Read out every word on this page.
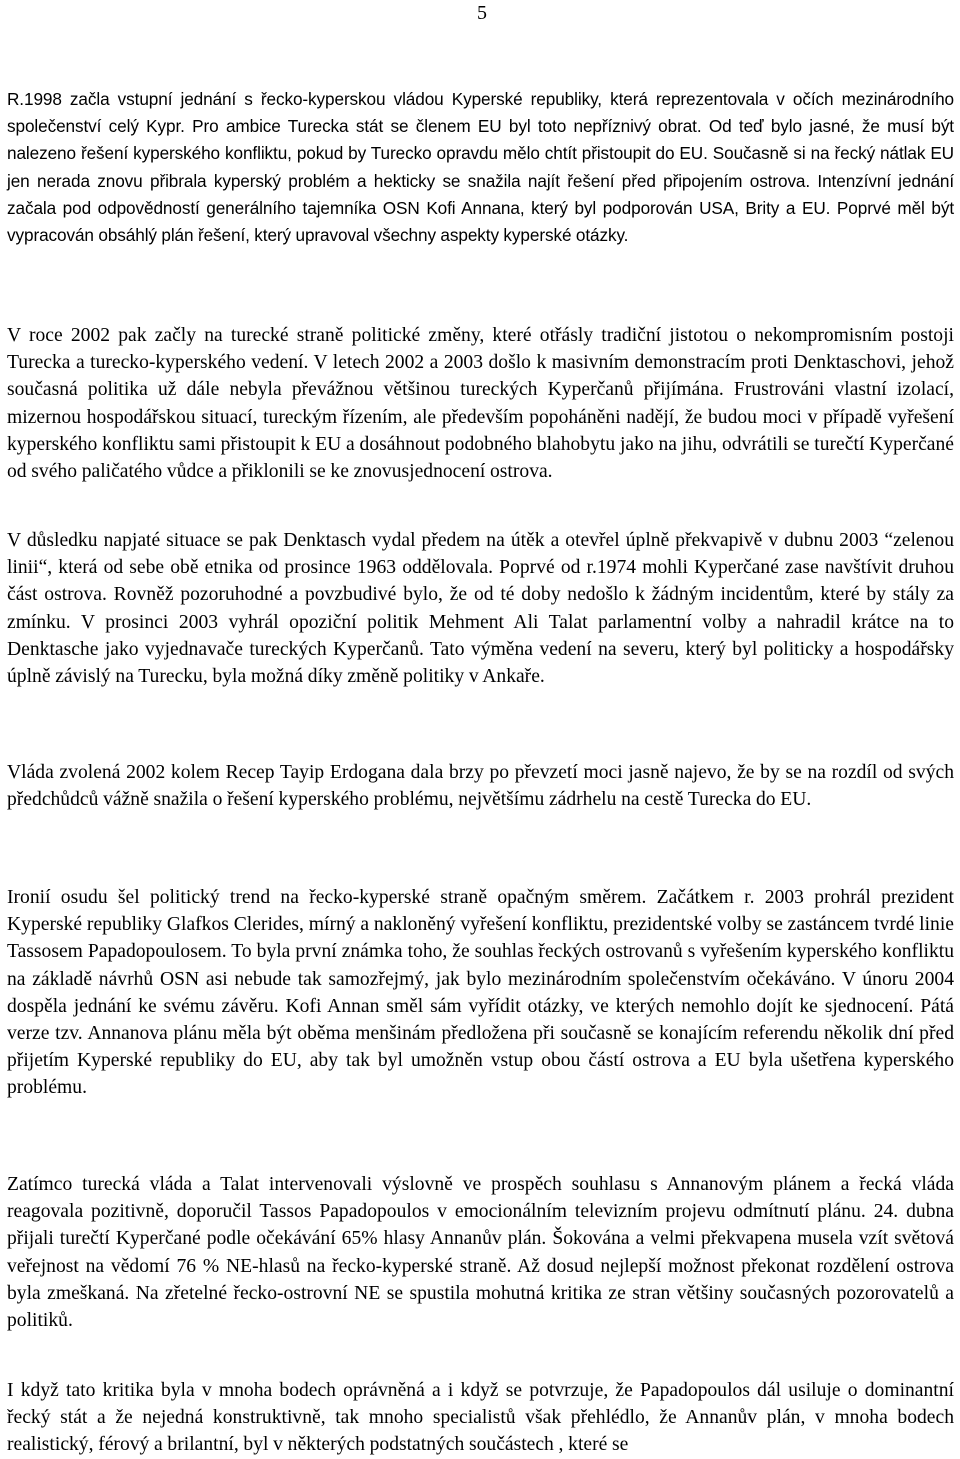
5

R.1998 začla vstupní jednání s řecko-kyperskou vládou Kyperské republiky, která reprezentovala v očích mezinárodního společenství celý Kypr. Pro ambice Turecka stát se členem EU byl toto nepříznivý obrat. Od teď bylo jasné, že musí být nalezeno řešení kyperského konfliktu, pokud by Turecko opravdu mělo chtít přistoupit do EU. Současně si na řecký nátlak EU jen nerada znovu přibrala kyperský problém a hekticky se snažila najít řešení před připojením ostrova. Intenzívní jednání začala pod odpovědností generálního tajemníka OSN Kofi Annana, který byl podporován USA, Brity a EU. Poprvé měl být vypracován obsáhlý plán řešení, který upravoval všechny aspekty kyperské otázky.

V roce 2002 pak začly na turecké straně politické změny, které otřásly tradiční jistotou o nekompromisním postoji Turecka a turecko-kyperského vedení. V letech 2002 a 2003 došlo k masivním demonstracím proti Denktaschovi, jehož současná politika už dále nebyla převážnou většinou tureckých Kyperčanů přijímána. Frustrováni vlastní izolací, mizernou hospodářskou situací, tureckým řízením, ale především popoháněni nadějí, že budou moci v případě vyřešení kyperského konfliktu sami přistoupit k EU a dosáhnout podobného blahobytu jako na jihu, odvrátili se turečtí Kyperčané od svého paličatého vůdce a přiklonili se ke znovusjednocení ostrova.

V důsledku napjaté situace se pak Denktasch vydal předem na útěk a otevřel úplně překvapivě v dubnu 2003 “zelenou linii“, která od sebe obě etnika od prosince 1963 oddělovala. Poprvé od r.1974 mohli Kyperčané zase navštívit druhou část ostrova. Rovněž pozoruhodné a povzbudivé bylo, že od té doby nedošlo k žádným incidentům, které by stály za zmínku. V prosinci 2003 vyhrál opoziční politik Mehment Ali Talat parlamentní volby a nahradil krátce na to Denktasche jako vyjednavače tureckých Kyperčanů. Tato výměna vedení na severu, který byl politicky a hospodářsky úplně závislý na Turecku, byla možná díky změně politiky v Ankaře.

Vláda zvolená 2002 kolem Recep Tayip Erdogana dala brzy po převzetí moci jasně najevo, že by se na rozdíl od svých předchůdců vážně snažila o řešení kyperského problému, největšímu zádrhelu na cestě Turecka do EU.

Ironií osudu šel politický trend na řecko-kyperské straně opačným směrem. Začátkem r. 2003 prohrál prezident Kyperské republiky Glafkos Clerides, mírný a nakloněný vyřešení konfliktu, prezidentské volby se zastáncem tvrdé linie Tassosem Papadopoulosem. To byla první známka toho, že souhlas řeckých ostrovanů s vyřešením kyperského konfliktu na základě návrhů OSN asi nebude tak samozřejmý, jak bylo mezinárodním společenstvím očekáváno. V únoru 2004 dospěla jednání ke svému závěru. Kofi Annan směl sám vyřídit otázky, ve kterých nemohlo dojít ke sjednocení. Pátá verze tzv. Annanova plánu měla být oběma menšinám předložena při současně se konajícím referendu několik dní před přijetím Kyperské republiky do EU, aby tak byl umožněn vstup obou částí ostrova a EU byla ušetřena kyperského problému.

Zatímco turecká vláda a Talat intervenovali výslovně ve prospěch souhlasu s Annanovým plánem a řecká vláda reagovala pozitivně, doporučil Tassos Papadopoulos v emocionálním televizním projevu odmítnutí plánu. 24. dubna přijali turečtí Kyperčané podle očekávání 65% hlasy Annanův plán. Šokována a velmi překvapena musela vzít světová veřejnost na vědomí 76 % NE-hlasů na řecko-kyperské straně. Až dosud nejlepší možnost překonat rozdělení ostrova byla zmeškaná. Na zřetelné řecko-ostrovní NE se spustila mohutná kritika ze stran většiny současných pozorovatelů a politiků.

I když tato kritika byla v mnoha bodech oprávněná a i když se potvrzuje, že Papadopoulos dál usiluje o dominantní řecký stát a že nejedná konstruktivně, tak mnoho specialistů však přehlédlo, že Annanův plán, v mnoha bodech realistický, férový a brilantní, byl v některých podstatných součástech , které se
